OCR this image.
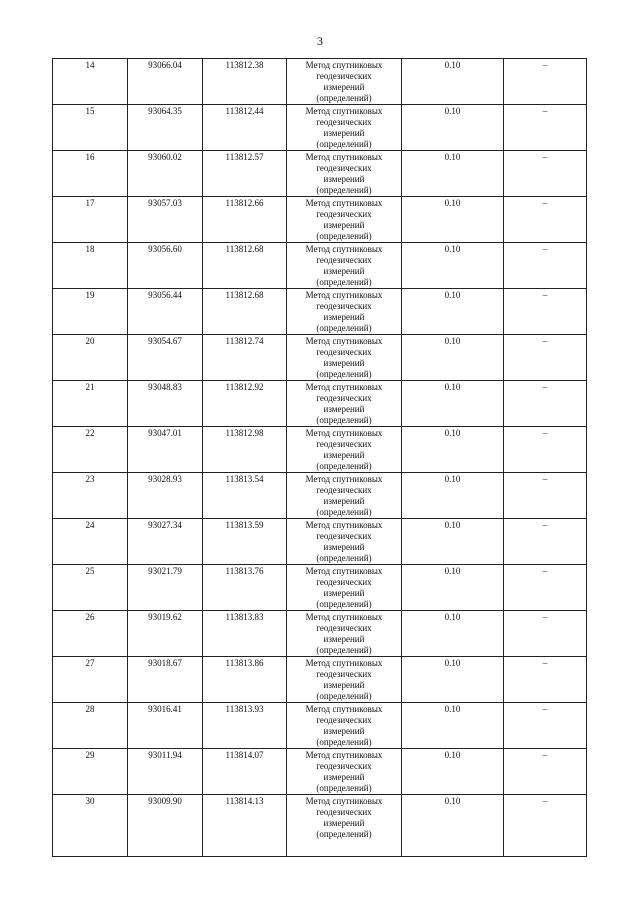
3
14	93066.04	113812.38	Метод спутниковых
геодезических
измерений
(определений)	0.10	–
15	93064.35	113812.44	Метод спутниковых
геодезических
измерений
(определений)	0.10	–
16	93060.02	113812.57	Метод спутниковых
геодезических
измерений
(определений)	0.10	–
17	93057.03	113812.66	Метод спутниковых
геодезических
измерений
(определений)	0.10	–
18	93056.60	113812.68	Метод спутниковых
геодезических
измерений
(определений)	0.10	–
19	93056.44	113812.68	Метод спутниковых
геодезических
измерений
(определений)	0.10	–
20	93054.67	113812.74	Метод спутниковых
геодезических
измерений
(определений)	0.10	–
21	93048.83	113812.92	Метод спутниковых
геодезических
измерений
(определений)	0.10	–
22	93047.01	113812.98	Метод спутниковых
геодезических
измерений
(определений)	0.10	–
23	93028.93	113813.54	Метод спутниковых
геодезических
измерений
(определений)	0.10	–
24	93027.34	113813.59	Метод спутниковых
геодезических
измерений
(определений)	0.10	–
25	93021.79	113813.76	Метод спутниковых
геодезических
измерений
(определений)	0.10	–
26	93019.62	113813.83	Метод спутниковых
геодезических
измерений
(определений)	0.10	–
27	93018.67	113813.86	Метод спутниковых
геодезических
измерений
(определений)	0.10	–
28	93016.41	113813.93	Метод спутниковых
геодезических
измерений
(определений)	0.10	–
29	93011.94	113814.07	Метод спутниковых
геодезических
измерений
(определений)	0.10	–
30	93009.90	113814.13	Метод спутниковых
геодезических
измерений
(определений)	0.10	–
